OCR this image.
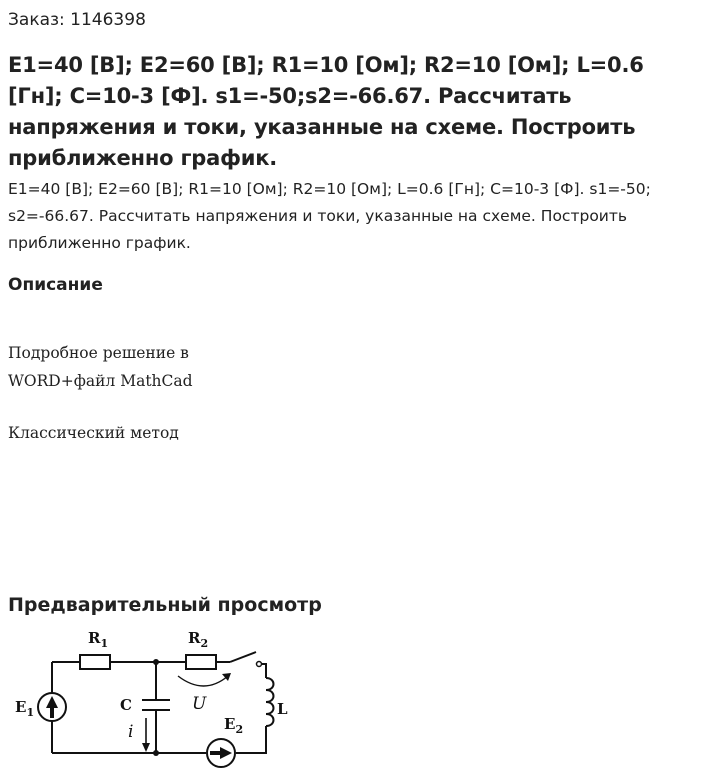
Заказ: 1146398
E1=40 [В]; E2=60 [В]; R1=10 [Ом]; R2=10 [Ом]; L=0.6 [Гн]; C=10-3 [Ф]. s1=-50;s2=-66.67. Рассчитать напряжения и токи, указанные на схеме. Построить приближенно график.
E1=40 [В]; E2=60 [В]; R1=10 [Ом]; R2=10 [Ом]; L=0.6 [Гн]; C=10-3 [Ф]. s1=-50; s2=-66.67. Рассчитать напряжения и токи, указанные на схеме. Построить приближенно график.
Описание
Подробное решение в
WORD+файл MathCad
Классический метод
Предварительный просмотр
$R_1$	$R_2$
$E_1$
$E_2$
C	L
U
i
